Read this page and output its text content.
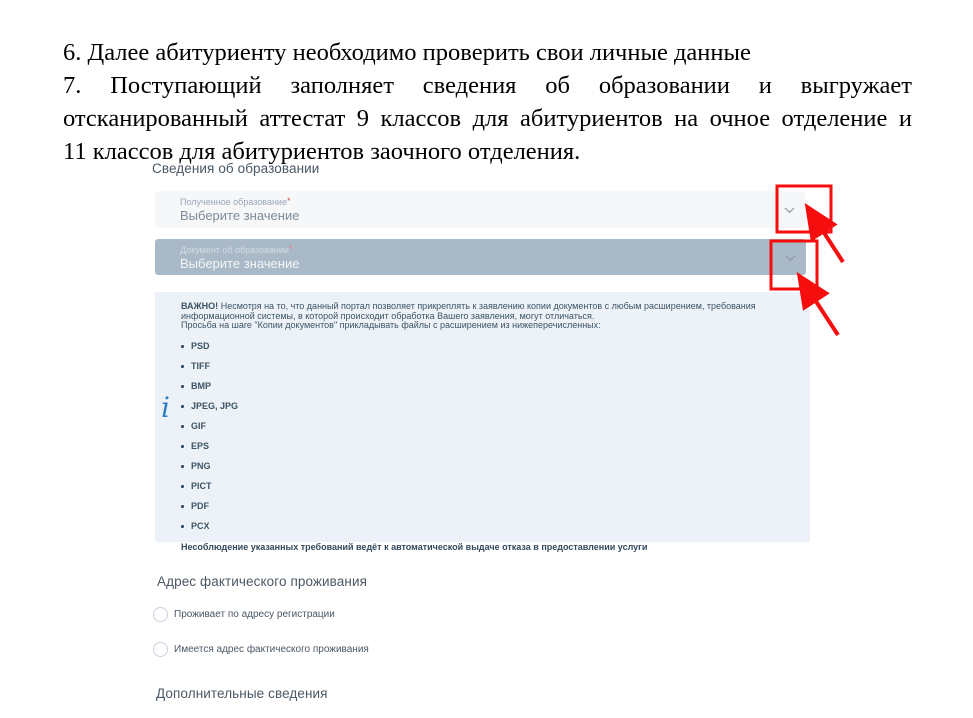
6. Далее абитуриенту необходимо проверить свои личные данные
7. Поступающий заполняет сведения об образовании и выгружает
отсканированный аттестат 9 классов для абитуриентов на очное отделение и
11 классов для абитуриентов заочного отделения.
Сведения об образовании
Полученное образование*
Выберите значение
Документ об образовании*
Выберите значение
i
ВАЖНО! Несмотря на то, что данный портал позволяет прикреплять к заявлению копии документов с любым расширением, требования информационной системы, в которой происходит обработка Вашего заявления, могут отличаться.
Просьба на шаге "Копии документов" прикладывать файлы с расширением из нижеперечисленных:
PSD
TIFF
BMP
JPEG, JPG
GIF
EPS
PNG
PICT
PDF
PCX
Несоблюдение указанных требований ведёт к автоматической выдаче отказа в предоставлении услуги
Адрес фактического проживания
Проживает по адресу регистрации
Имеется адрес фактического проживания
Дополнительные сведения
